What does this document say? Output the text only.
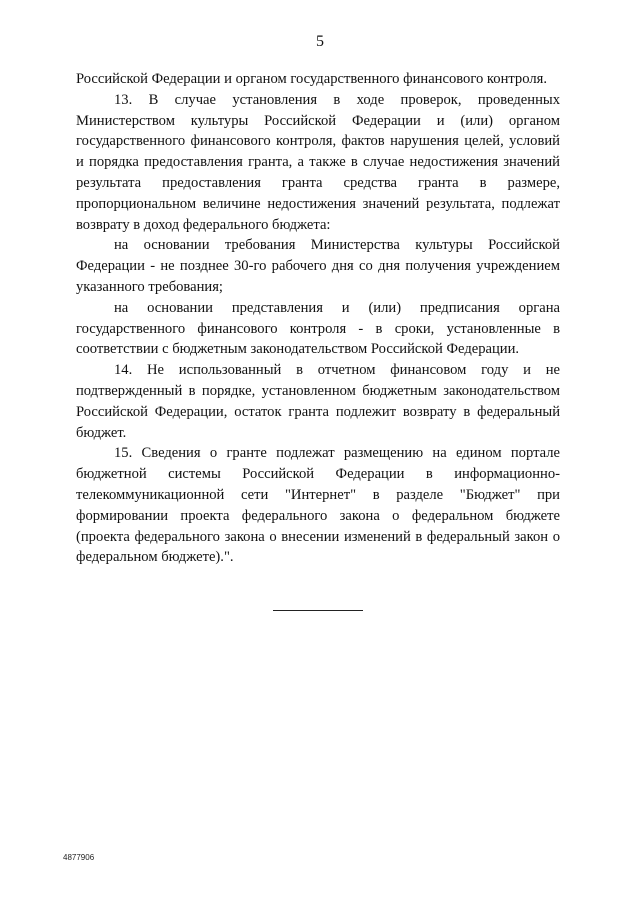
5

Российской Федерации и органом государственного финансового контроля.

13. В случае установления в ходе проверок, проведенных Министерством культуры Российской Федерации и (или) органом государственного финансового контроля, фактов нарушения целей, условий и порядка предоставления гранта, а также в случае недостижения значений результата предоставления гранта средства гранта в размере, пропорциональном величине недостижения значений результата, подлежат возврату в доход федерального бюджета:

на основании требования Министерства культуры Российской Федерации - не позднее 30-го рабочего дня со дня получения учреждением указанного требования;

на основании представления и (или) предписания органа государственного финансового контроля - в сроки, установленные в соответствии с бюджетным законодательством Российской Федерации.

14. Не использованный в отчетном финансовом году и не подтвержденный в порядке, установленном бюджетным законодательством Российской Федерации, остаток гранта подлежит возврату в федеральный бюджет.

15. Сведения о гранте подлежат размещению на едином портале бюджетной системы Российской Федерации в информационно-телекоммуникационной сети "Интернет" в разделе "Бюджет" при формировании проекта федерального закона о федеральном бюджете (проекта федерального закона о внесении изменений в федеральный закон о федеральном бюджете).".

4877906
